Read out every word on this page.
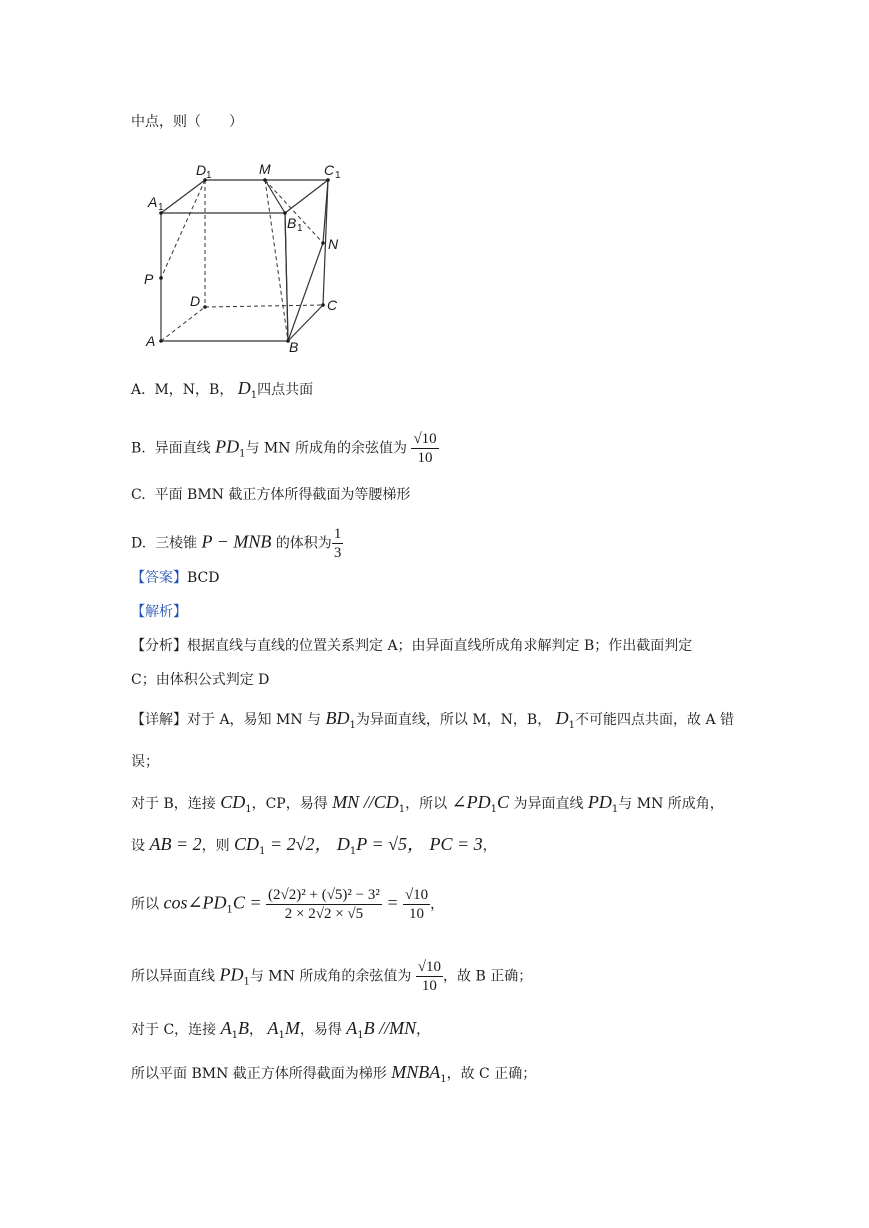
中点，则（　　）
D 1	M	C 1
A 1
B 1
N
P
D	C
A	B
A. M，N，B， $D_1$四点共面
B. 异面直线 $PD_1$与 MN 所成角的余弦值为 $\frac{√10}{10}$
C. 平面 BMN 截正方体所得截面为等腰梯形
D. 三棱锥 P − MNB 的体积为 $\frac{1}{3}$
【答案】BCD
【解析】
【分析】根据直线与直线的位置关系判定 A；由异面直线所成角求解判定 B；作出截面判定
C；由体积公式判定 D
【详解】对于 A，易知 MN 与 $BD_1$为异面直线，所以 M，N，B， $D_1$不可能四点共面，故 A 错
误；
对于 B，连接 $CD_1$，CP，易得 MN $//CD_1$，所以 $\angle PD_1C$ 为异面直线 $PD_1$与 MN 所成角，
设 AB = 2，则 $CD_1 = 2√2$， $D_1P = √5$， PC = 3，
所以 $\cos\angle PD_1C = \frac{\text{(2√2)² + (√5)² − 3²}}{2 \times 2√2 \times √5} = \frac{√10}{10}$ ，
所以异面直线 $PD_1$与 MN 所成角的余弦值为 $\frac{√10}{10}$ ，故 B 正确；
对于 C，连接 $A_1B$， $A_1M$，易得 $A_1B$ //MN，
所以平面 BMN 截正方体所得截面为梯形 $MNBA_1$，故 C 正确；
